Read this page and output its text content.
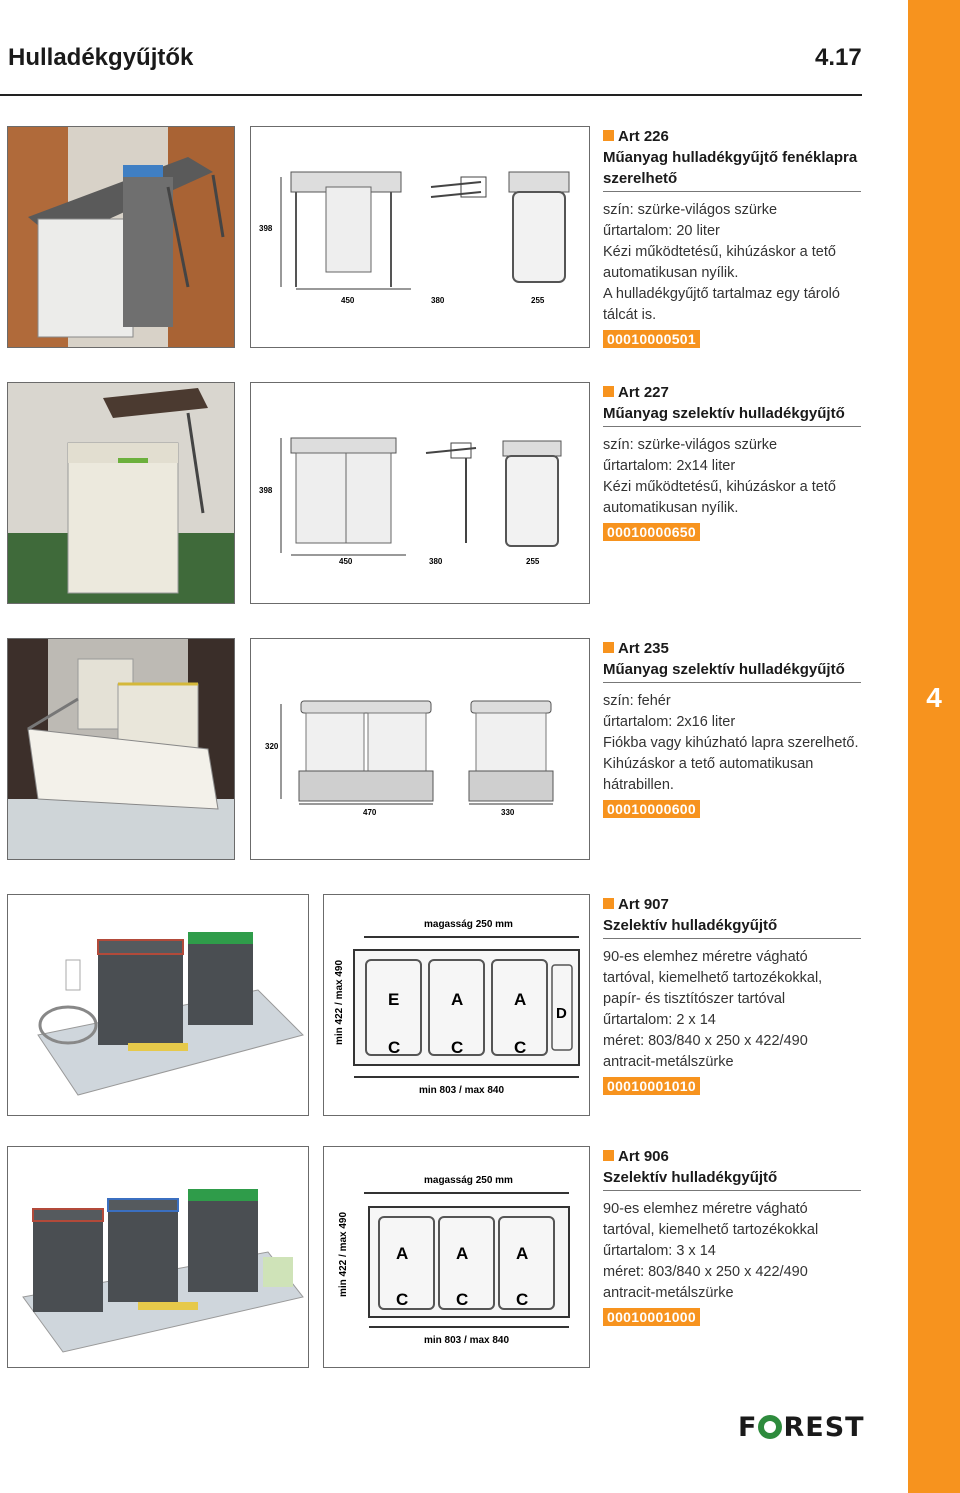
Hulladékgyűjtők	4.17
4
398
450	380	255
Art 226
Műanyag hulladékgyűjtő fenéklapra szerelhető
szín: szürke-világos szürke
űrtartalom: 20 liter
Kézi működtetésű, kihúzáskor a tető automatikusan nyílik.
A hulladékgyűjtő tartalmaz egy tároló tálcát is.
00010000501
398
450	380	255
Art 227
Műanyag szelektív hulladékgyűjtő
szín: szürke-világos szürke
űrtartalom: 2x14 liter
Kézi működtetésű, kihúzáskor a tető automatikusan nyílik.
00010000650
320
470	330
Art 235
Műanyag szelektív hulladékgyűjtő
szín: fehér
űrtartalom: 2x16 liter
Fiókba vagy kihúzható lapra szerelhető.
Kihúzáskor a tető automatikusan hátrabillen.
00010000600
magasság 250 mm
min 422 / max 490	E	A	A
D
C	C	C
min 803 / max 840
Art 907
Szelektív hulladékgyűjtő
90-es elemhez méretre vágható tartóval, kiemelhető tartozékokkal, papír- és tisztítószer tartóval
űrtartalom: 2 x 14
méret: 803/840 x 250 x 422/490
antracit-metálszürke
00010001010
magasság 250 mm
min 422 / max 490	A	A	A
C	C	C
min 803 / max 840
Art 906
Szelektív hulladékgyűjtő
90-es elemhez méretre vágható tartóval, kiemelhető tartozékokkal
űrtartalom: 3 x 14
méret: 803/840 x 250 x 422/490
antracit-metálszürke
00010001000
F REST
